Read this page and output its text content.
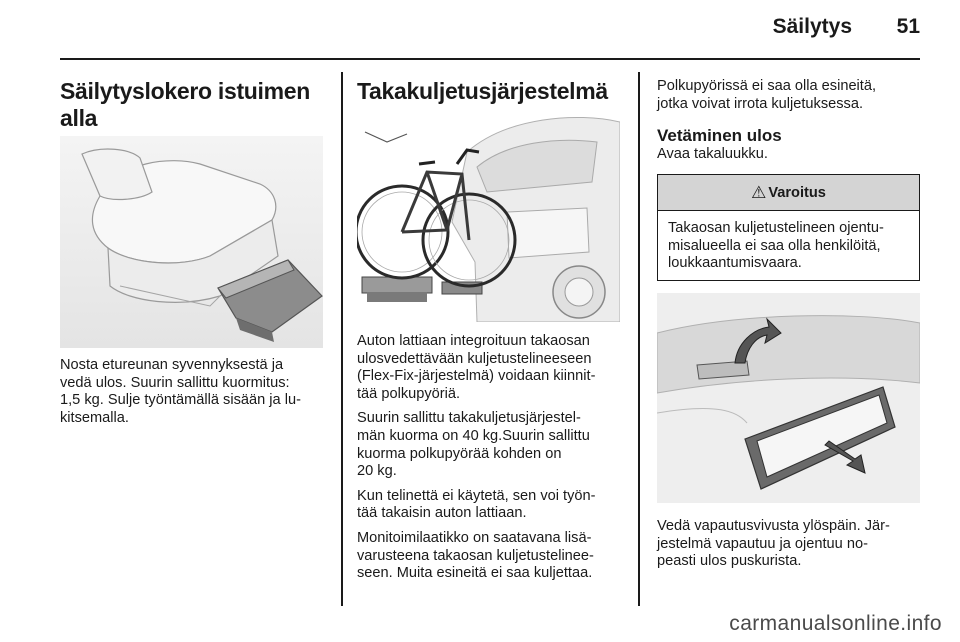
Säilytys	51

Säilytyslokero istuimen

alla

Nosta etureunan syvennyksestä ja

vedä ulos. Suurin sallittu kuormitus:

1,5 kg. Sulje työntämällä sisään ja lu-

kitsemalla.

Takakuljetusjärjestelmä

Auton lattiaan integroituun takaosan
ulosvedettävään kuljetustelineeseen
(Flex-Fix-järjestelmä) voidaan kiinnit-
tää polkupyöriä.
Suurin sallittu takakuljetusjärjestel-
män kuorma on 40 kg.Suurin sallittu
kuorma polkupyörää kohden on
20 kg.
Kun telinettä ei käytetä, sen voi työn-
tää takaisin auton lattiaan.
Monitoimilaatikko on saatavana lisä-
varusteena takaosan kuljetustelinee-
seen. Muita esineitä ei saa kuljettaa.

Polkupyörissä ei saa olla esineitä,

jotka voivat irrota kuljetuksessa.

Vetäminen ulos

Avaa takaluukku.

⚠ Varoitus
Takaosan kuljetustelineen ojentu-
misalueella ei saa olla henkilöitä,
loukkaantumisvaara.

Vedä vapautusvivusta ylöspäin. Jär-

jestelmä vapautuu ja ojentuu no-

peasti ulos puskurista.

carmanualsonline.info
